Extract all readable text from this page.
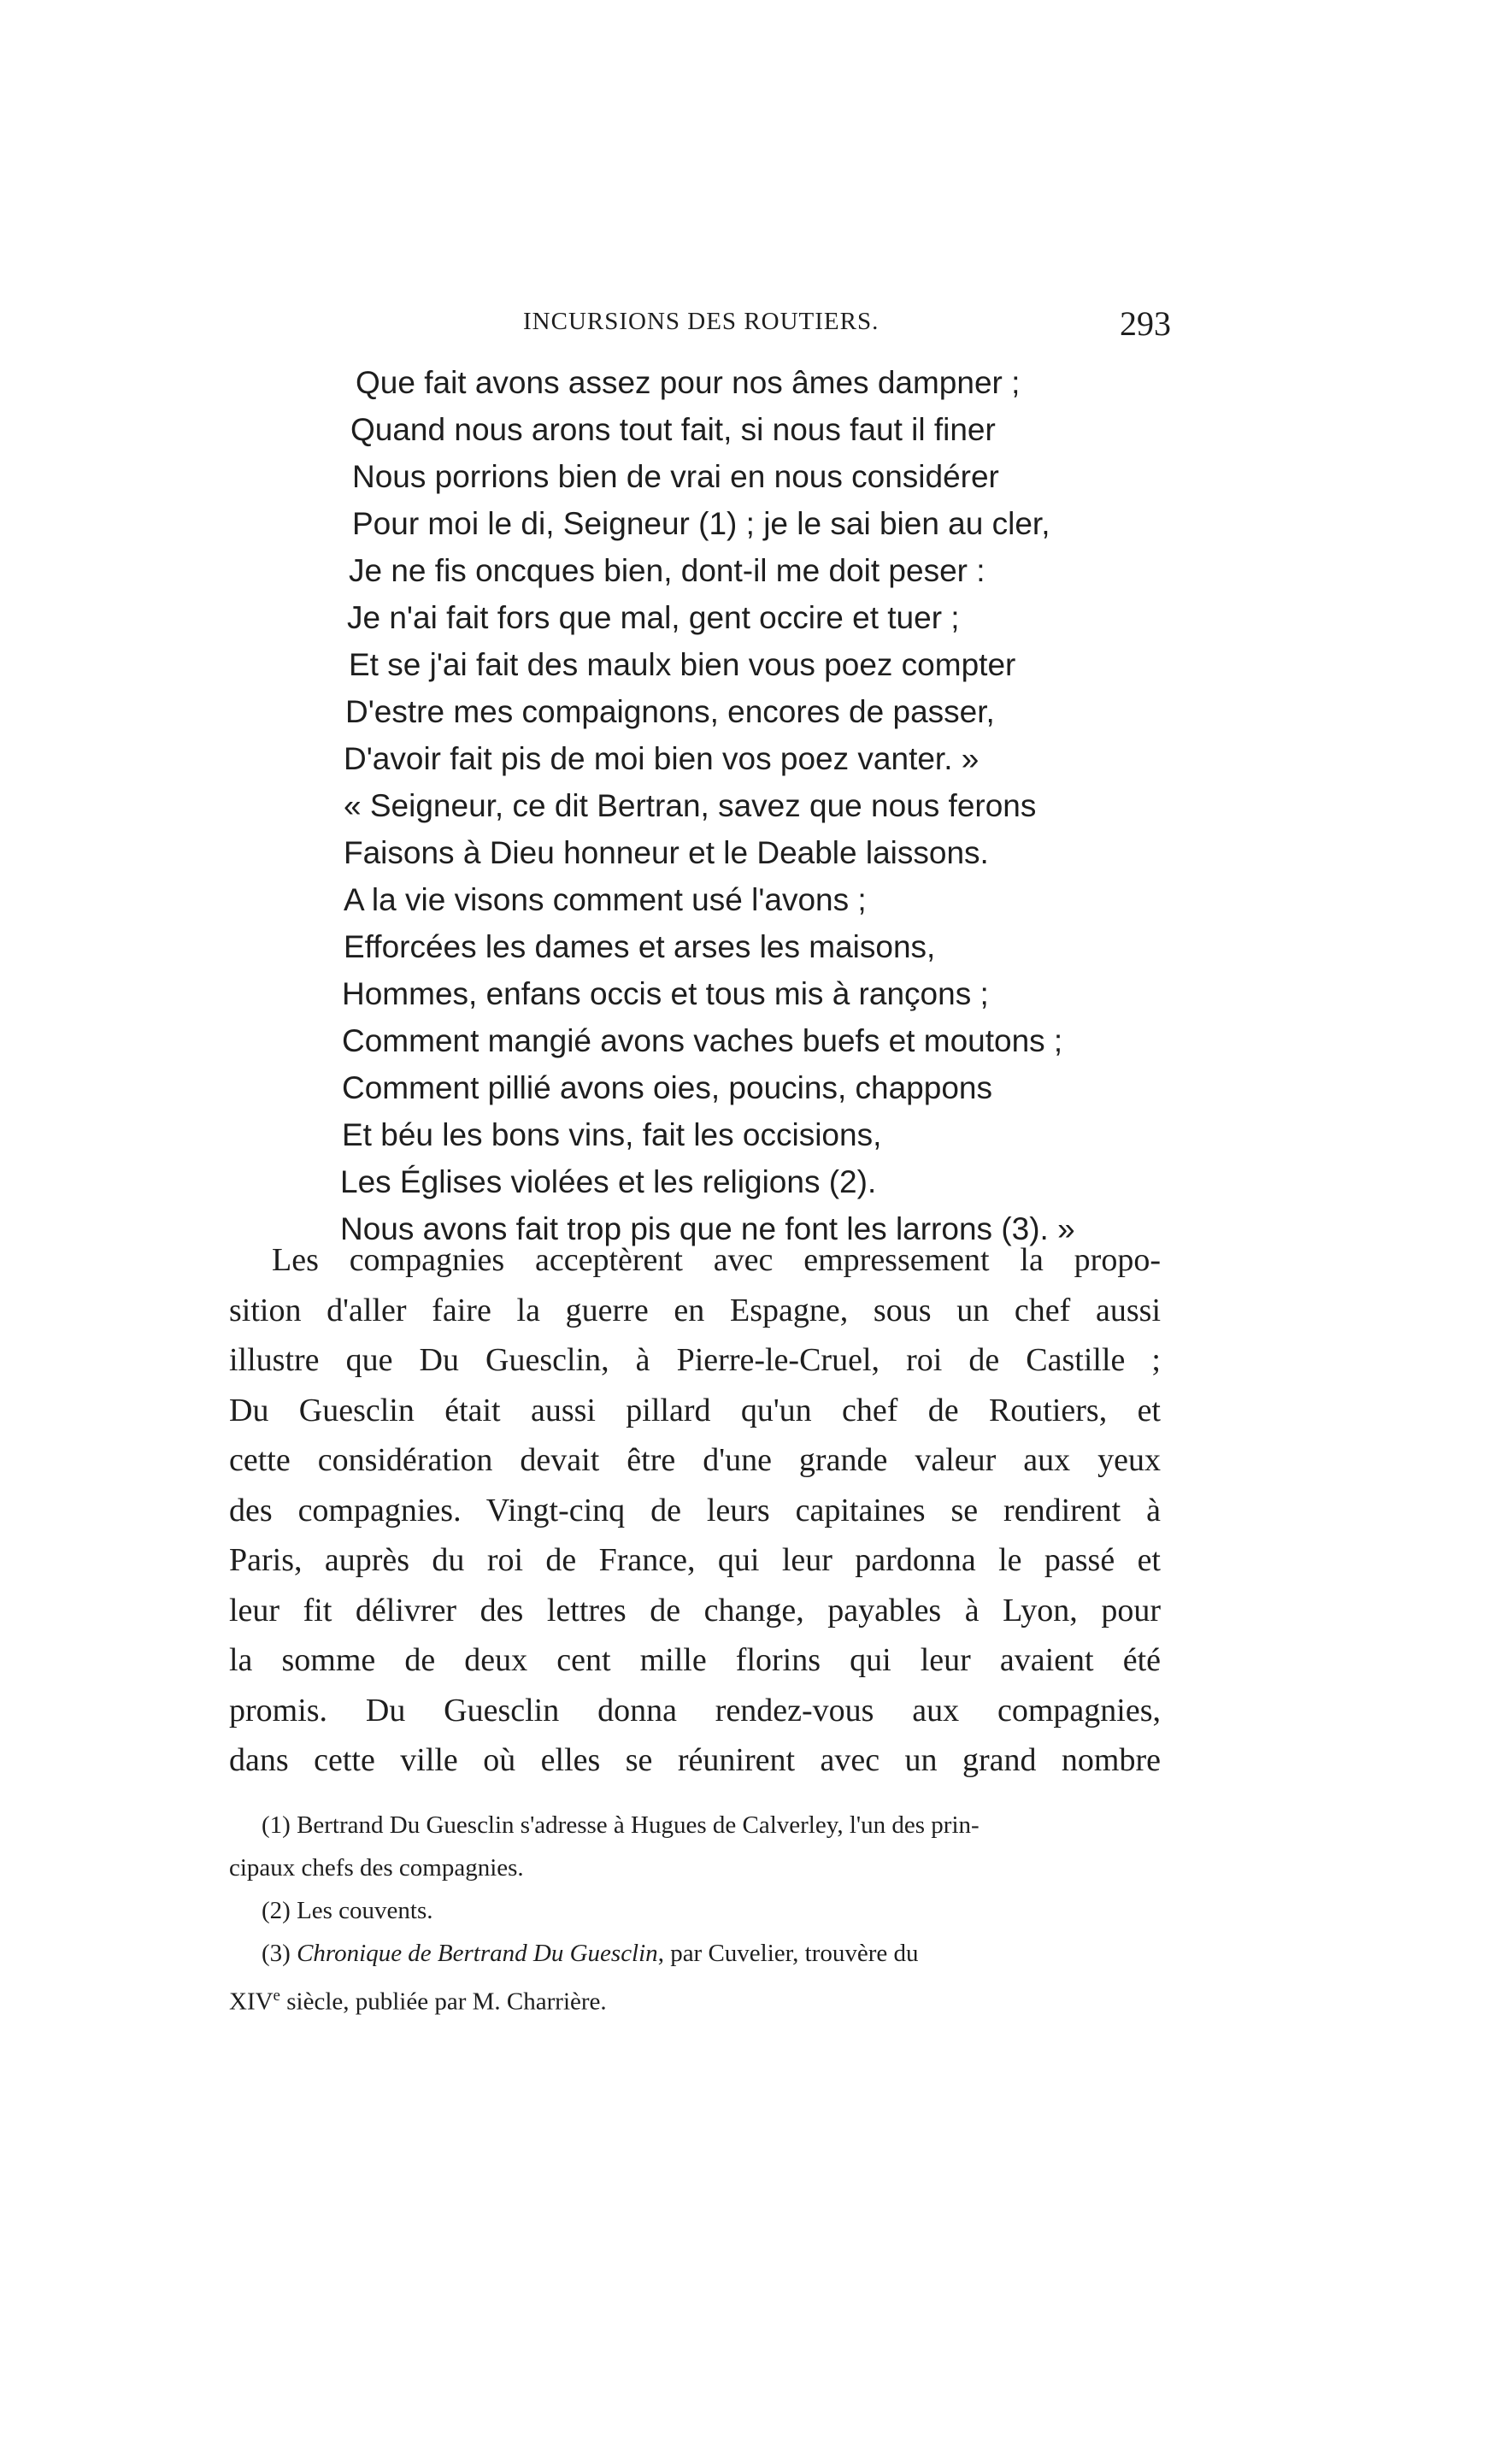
INCURSIONS DES ROUTIERS.	293
Que fait avons assez pour nos âmes dampner ;
Quand nous arons tout fait, si nous faut il finer
Nous porrions bien de vrai en nous considérer
Pour moi le di, Seigneur (1) ; je le sai bien au cler,
Je ne fis oncques bien, dont-il me doit peser :
Je n'ai fait fors que mal, gent occire et tuer ;
Et se j'ai fait des maulx bien vous poez compter
D'estre mes compaignons, encores de passer,
D'avoir fait pis de moi bien vos poez vanter. »
« Seigneur, ce dit Bertran, savez que nous ferons
Faisons à Dieu honneur et le Deable laissons.
A la vie visons comment usé l'avons ;
Efforcées les dames et arses les maisons,
Hommes, enfans occis et tous mis à rançons ;
Comment mangié avons vaches buefs et moutons ;
Comment pillié avons oies, poucins, chappons
Et béu les bons vins, fait les occisions,
Les Églises violées et les religions (2).
Nous avons fait trop pis que ne font les larrons (3). »
Les compagnies acceptèrent avec empressement la propo-
sition d'aller faire la guerre en Espagne, sous un chef aussi
illustre que Du Guesclin, à Pierre-le-Cruel, roi de Castille ;
Du Guesclin était aussi pillard qu'un chef de Routiers, et
cette considération devait être d'une grande valeur aux yeux
des compagnies. Vingt-cinq de leurs capitaines se rendirent à
Paris, auprès du roi de France, qui leur pardonna le passé et
leur fit délivrer des lettres de change, payables à Lyon, pour
la somme de deux cent mille florins qui leur avaient été
promis. Du Guesclin donna rendez-vous aux compagnies,
dans cette ville où elles se réunirent avec un grand nombre
(1) Bertrand Du Guesclin s'adresse à Hugues de Calverley, l'un des prin-
cipaux chefs des compagnies.
(2) Les couvents.
(3) Chronique de Bertrand Du Guesclin, par Cuvelier, trouvère du
XIVe siècle, publiée par M. Charrière.
